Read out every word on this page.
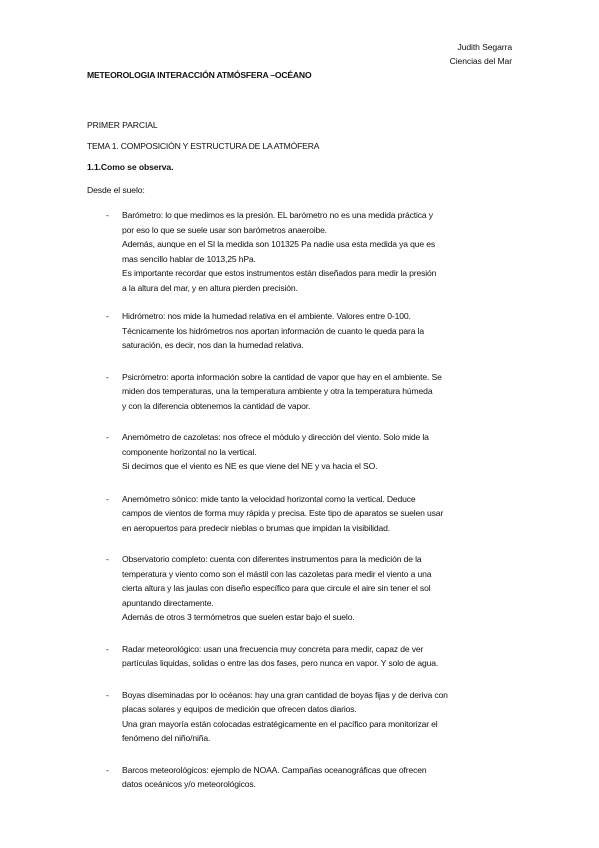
Judith Segarra
Ciencias del Mar
METEOROLOGIA INTERACCIÓN ATMÓSFERA –OCÉANO
PRIMER PARCIAL
TEMA 1. COMPOSICIÓN Y ESTRUCTURA DE LA ATMÓFERA
1.1.Como se observa.
Desde el suelo:
- Barómetro: lo que medimos es la presión. EL barómetro no es una medida práctica y
por eso lo que se suele usar son barómetros anaeroibe.
Además, aunque en el SI la medida son 101325 Pa nadie usa esta medida ya que es
mas sencillo hablar de 1013,25 hPa.
Es importante recordar que estos instrumentos están diseñados para medir la presión
a la altura del mar, y en altura pierden precisión.
- Hidrómetro: nos mide la humedad relativa en el ambiente. Valores entre 0-100.
Técnicamente los hidrómetros nos aportan información de cuanto le queda para la
saturación, es decir, nos dan la humedad relativa.
- Psicrómetro: aporta información sobre la cantidad de vapor que hay en el ambiente. Se
miden dos temperaturas, una la temperatura ambiente y otra la temperatura húmeda
y con la diferencia obtenemos la cantidad de vapor.
- Anemómetro de cazoletas: nos ofrece el módulo y dirección del viento. Solo mide la
componente horizontal no la vertical.
Si decimos que el viento es NE es que viene del NE y va hacia el SO.
- Anemómetro sónico: mide tanto la velocidad horizontal como la vertical. Deduce
campos de vientos de forma muy rápida y precisa. Este tipo de aparatos se suelen usar
en aeropuertos para predecir nieblas o brumas que impidan la visibilidad.
- Observatorio completo: cuenta con diferentes instrumentos para la medición de la
temperatura y viento como son el mástil con las cazoletas para medir el viento a una
cierta altura y las jaulas con diseño específico para que circule el aire sin tener el sol
apuntando directamente.
Además de otros 3 termómetros que suelen estar bajo el suelo.
- Radar meteorológico: usan una frecuencia muy concreta para medir, capaz de ver
partículas liquidas, solidas o entre las dos fases, pero nunca en vapor. Y solo de agua.
- Boyas diseminadas por lo océanos: hay una gran cantidad de boyas fijas y de deriva con
placas solares y equipos de medición que ofrecen datos diarios.
Una gran mayoría están colocadas estratégicamente en el pacífico para monitorizar el
fenómeno del niño/niña.
- Barcos meteorológicos: ejemplo de NOAA. Campañas oceanográficas que ofrecen
datos oceánicos y/o meteorológicos.
